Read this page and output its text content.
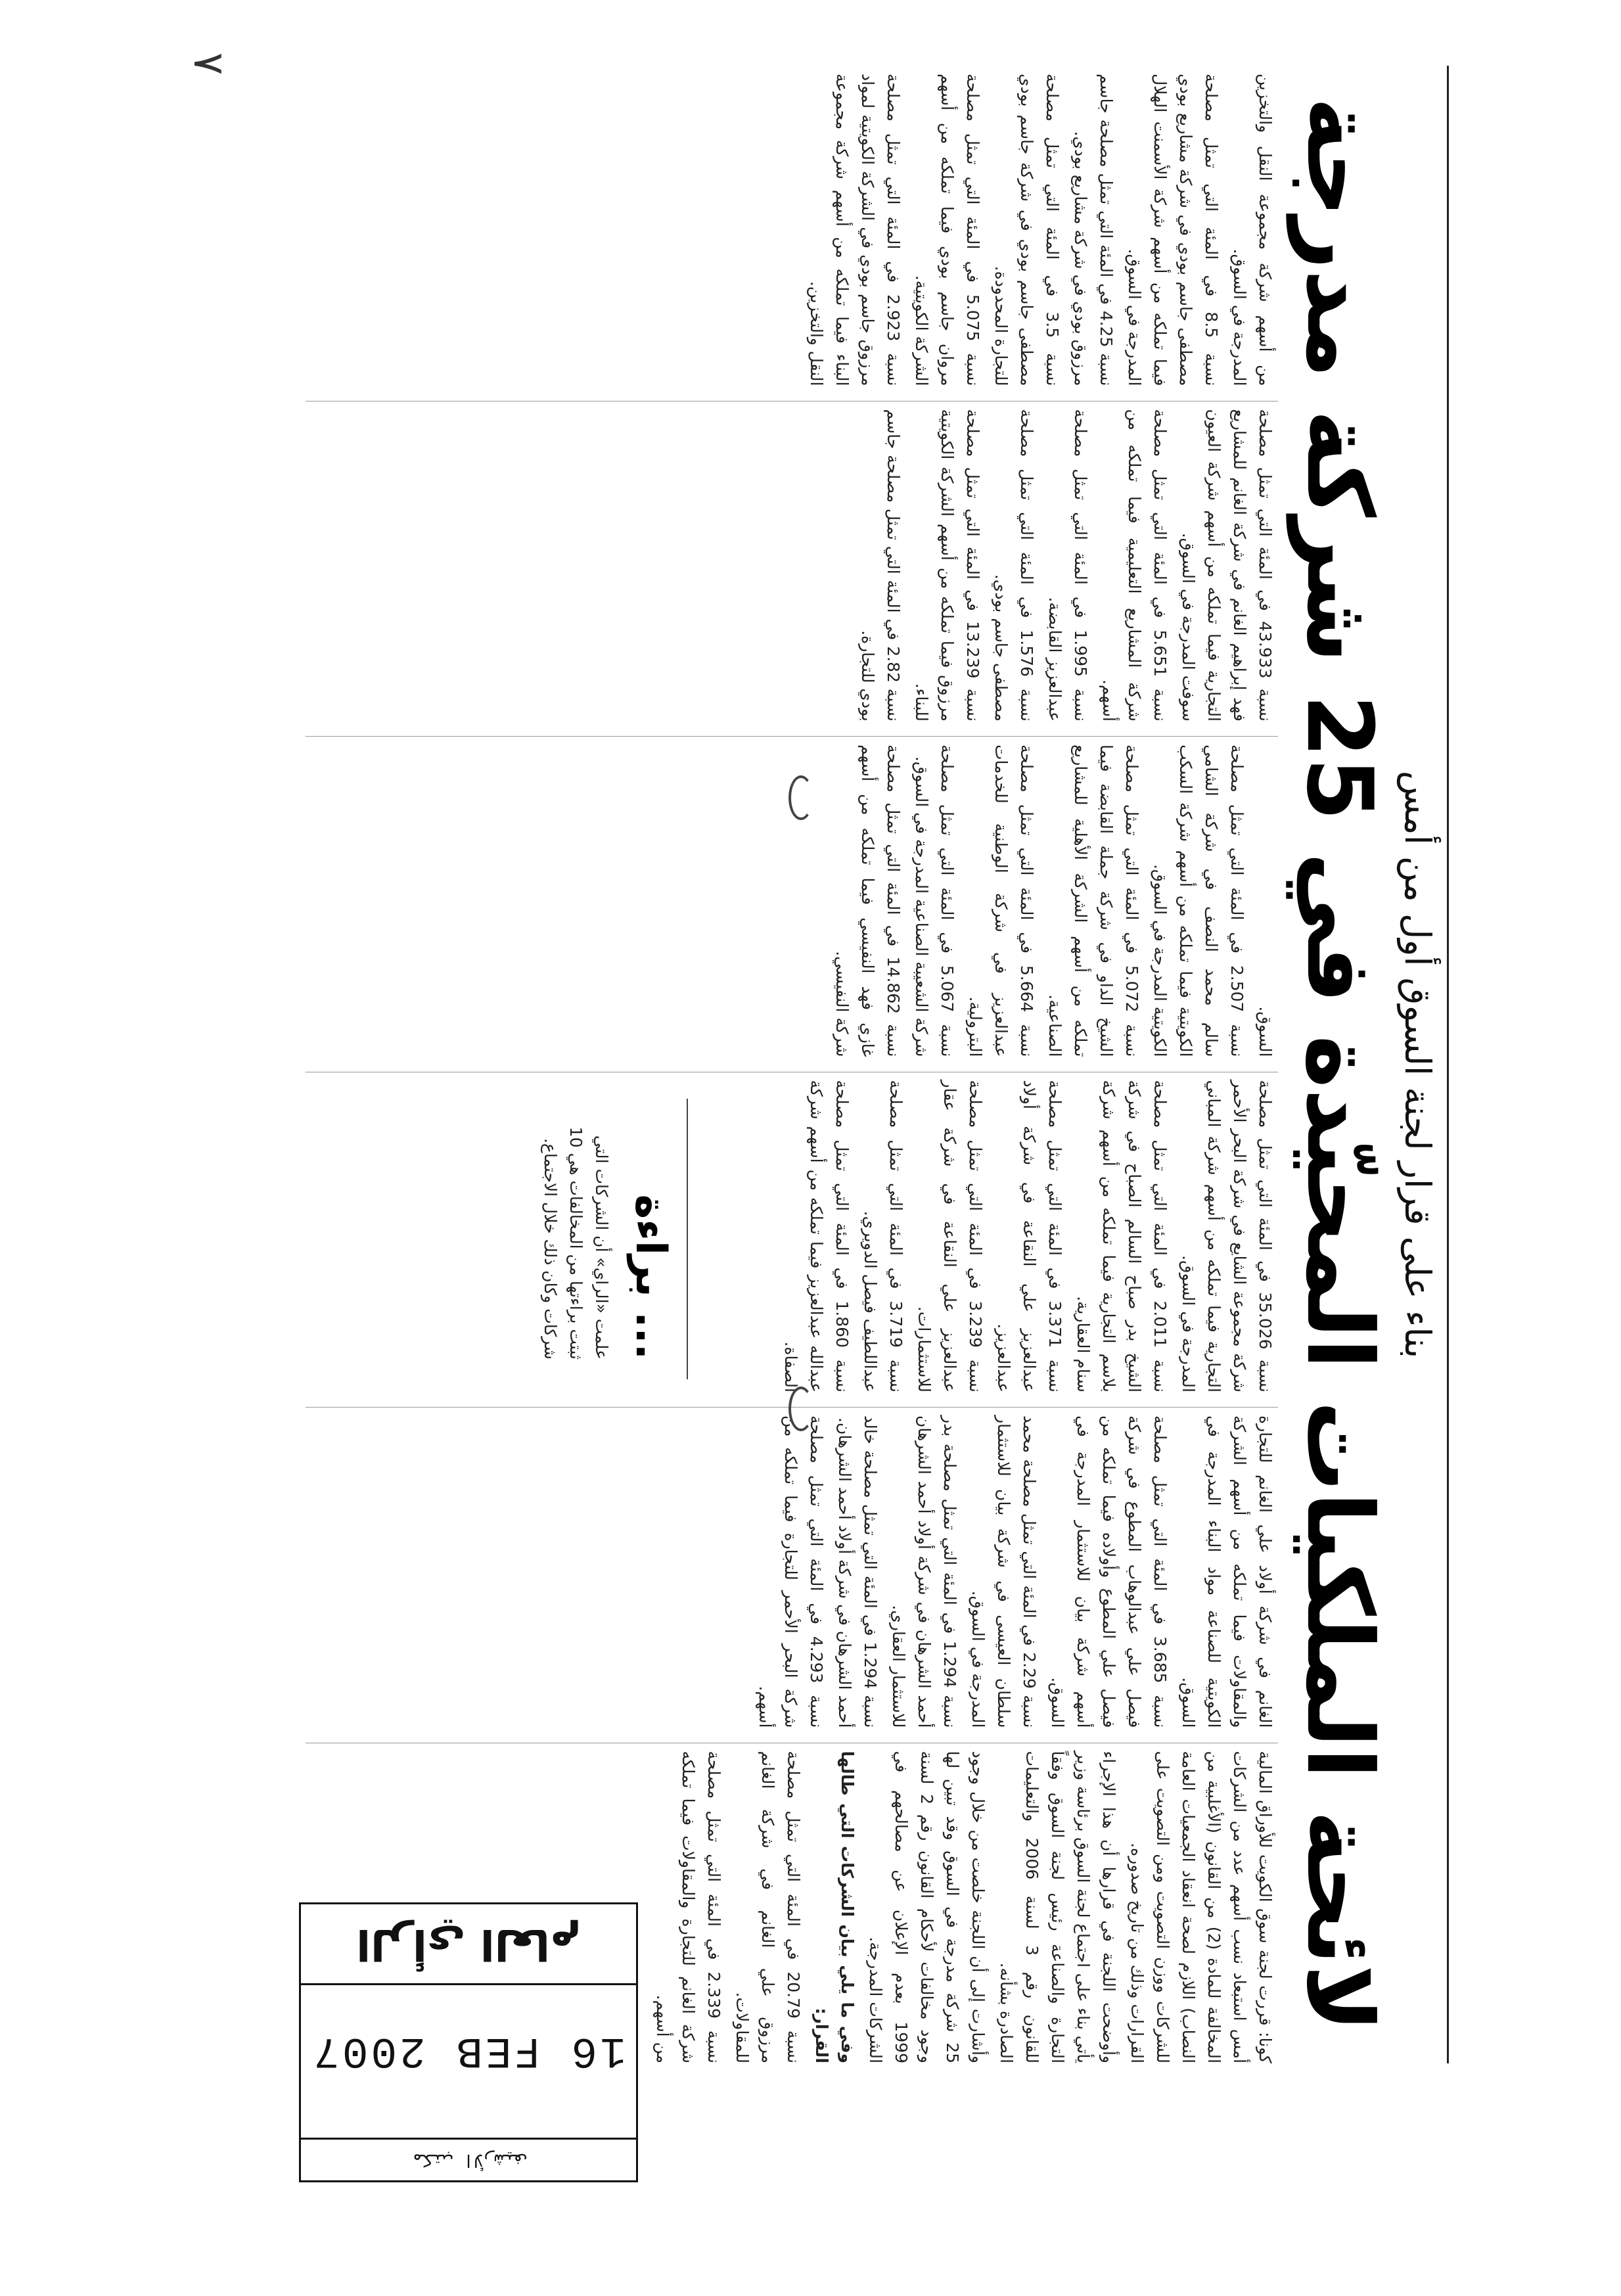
بناء على قرار لجنة السوق أول من أمس
لائحة الملكيات المحيّدة في 25 شركة مدرجة

كونا: قررت لجنة سوق الكويت للأوراق المالية أمس استبعاد نسب أسهم عدد من الشركات المخالفة للمادة (2) من القانون (الأغلبية من النصاب) اللازم لصحة انعقاد الجمعيات العامة للشركات ووزن التصويت ومن التصويت على القرارات وذلك من تاريخ صدوره.

وأوضحت اللجنة في قرارها أن هذا الإجراء يأتي بناء على اجتماع لجنة السوق برئاسة وزير التجارة والصناعة رئيس لجنة السوق وفقاً للقانون رقم 3 لسنة 2006 والتعليمات الصادرة بشأنه.

وأشارت إلى أن اللجنة خلصت من خلال وجود 25 شركة مدرجة في السوق وقد تبين لها وجود مخالفات لأحكام القانون رقم 2 لسنة 1999 بعدم الإعلان عن مصالحهم في الشركات المدرجة.

وفي ما يلي بيان الشركات التي طالها القرار:

نسبة 20.79 في المئة التي تمثل مصلحة مرزوق علي الغانم في شركة الغانم للمقاولات.

نسبة 2.339 في المئة التي تمثل مصلحة شركة الغانم للتجارة والمقاولات فيما تملكه من أسهم.

الغانم في شركة أولاد علي الغانم للتجارة والمقاولات فيما تملكه من أسهم الشركة الكويتية للصناعة مواد البناء المدرجة في السوق.

نسبة 3.685 في المئة التي تمثل مصلحة فيصل علي عبدالوهاب المطوع في شركة فيصل علي المطوع وأولاده فيما تملكه من أسهم شركة بيان للاستثمار المدرجة في السوق.

نسبة 2.29 في المئة التي تمثل مصلحة محمد سلطان العيسى في شركة بيان للاستثمار المدرجة في السوق.

نسبة 1.294 في المئة التي تمثل مصلحة بدر أحمد الشرهان في شركة أولاد أحمد الشرهان للاستثمار العقاري.

نسبة 1.294 في المئة التي تمثل مصلحة خالد أحمد الشرهان في شركة أولاد أحمد الشرهان.

نسبة 4.293 في المئة التي تمثل مصلحة شركة البحر الأحمر للتجارة فيما تملكه من أسهم.

نسبة 35.026 في المئة التي تمثل مصلحة شركة مجموعة الشايع في شركة البحر الأحمر التجارية فيما تملكه من أسهم شركة المباني المدرجة في السوق.

نسبة 2.011 في المئة التي تمثل مصلحة الشيخ بدر صباح السالم الصباح في شركة بلاسم التجارية فيما تملكه من أسهم شركة سنام العقارية.

نسبة 3.371 في المئة التي تمثل مصلحة عبدالعزيز علي النقاعة في شركة أولاد عبدالعزيز.

نسبة 3.239 في المئة التي تمثل مصلحة عبدالعزيز علي النقاعة في شركة عقار للاستثمارات.

نسبة 3.719 في المئة التي تمثل مصلحة عبداللطيف فيصل الدويري.

نسبة 1.860 في المئة التي تمثل مصلحة عبدالله عبدالعزيز فيما تملكه من أسهم شركة الصفاة.

... براءة
علمت «الراي» أن الشركات التي ثبتت براءتها من المخالفات هي 10 شركات وكان ذلك خلال الاجتماع.

السوق.

نسبة 2.507 في المئة التي تمثل مصلحة سالم محمد النصف في شركة الشامي الكويتية فيما تملكه من أسهم شركة السكب الكويتية المدرجة في السوق.

نسبة 5.072 في المئة التي تمثل مصلحة الشيخ الداو في شركة جملة القابضة فيما تملكه من أسهم الشركة الأهلية للمشاريع الصناعية.

نسبة 5.664 في المئة التي تمثل مصلحة عبدالعزيز في شركة الوطنية للخدمات البترولية.

نسبة 5.067 في المئة التي تمثل مصلحة شركة الشعيبة الصناعية المدرجة في السوق.

نسبة 14.862 في المئة التي تمثل مصلحة غازي فهد النفيسي فيما تملكه من أسهم شركة النفيسي.

نسبة 43.933 في المئة التي تمثل مصلحة فهد إبراهيم الغانم في شركة الغانم للمشاريع التجارية فيما تملكه من أسهم شركة العيون سوفت المدرجة في السوق.

نسبة 5.651 في المئة التي تمثل مصلحة شركة المشاريع التعليمية فيما تملكه من أسهم.

نسبة 1.995 في المئة التي تمثل مصلحة عبدالعزيز القابضة.

نسبة 1.576 في المئة التي تمثل مصلحة مصطفى جاسم بودي.

نسبة 13.239 في المئة التي تمثل مصلحة مرزوق فيما تملكه من أسهم الشركة الكويتية للبناء.

نسبة 2.82 في المئة التي تمثل مصلحة جاسم بودي للتجارة.

من أسهم شركة مجموعة النقل والتخزين المدرجة في السوق.

نسبة 8.5 في المئة التي تمثل مصلحة مصطفى جاسم بودي في شركة مشاريع بودي فيما تملكه من أسهم شركة الأسمنت الهلال المدرجة في السوق.

نسبة 4.25 في المئة التي تمثل مصلحة جاسم مرزوق بودي في شركة مشاريع بودي.

نسبة 3.5 في المئة التي تمثل مصلحة مصطفى جاسم بودي في شركة جاسم بودي للتجارة المحدودة.

نسبة 5.075 في المئة التي تمثل مصلحة مروان جاسم بودي فيما تملكه من أسهم الشركة الكويتية.

نسبة 2.923 في المئة التي تمثل مصلحة مرزوق جاسم بودي في الشركة الكويتية لمواد البناء فيما تملكه من أسهم شركة مجموعة النقل والتخزين.

مكتب الأرشيف
16 FEB 2007
الرأي العام
٧
